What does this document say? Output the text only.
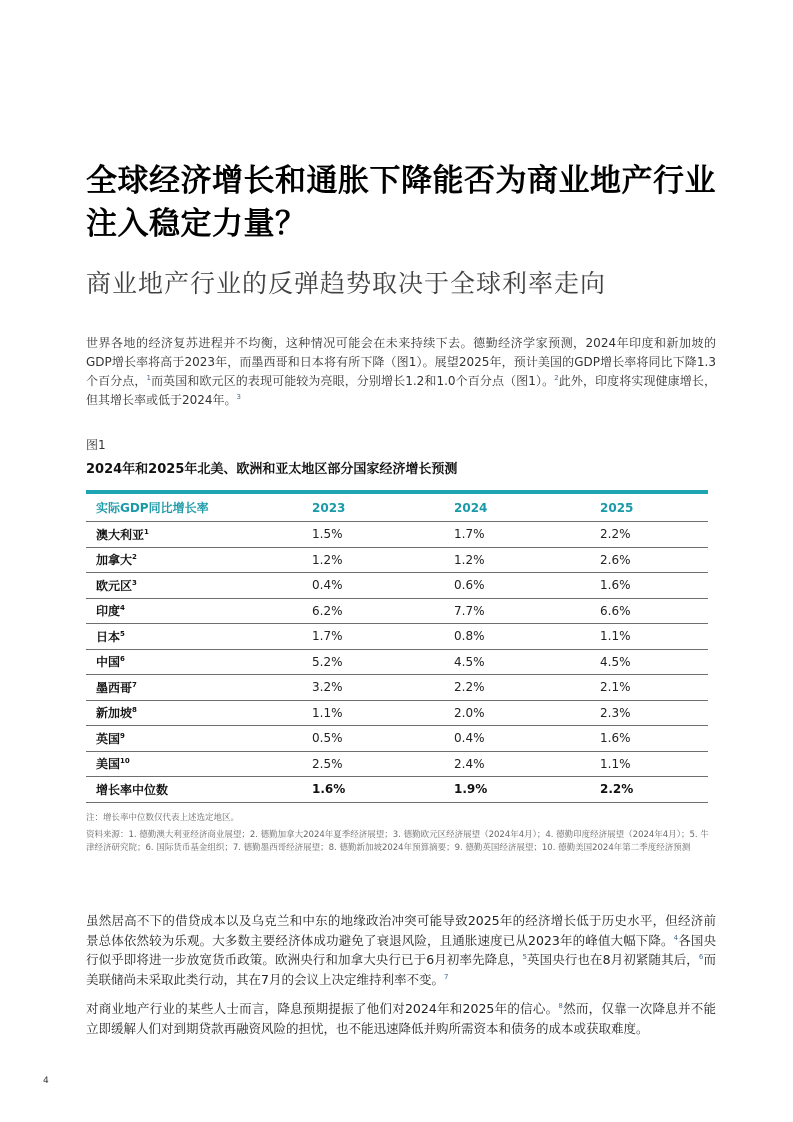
全球经济增长和通胀下降能否为商业地产行业注入稳定力量？
商业地产行业的反弹趋势取决于全球利率走向

世界各地的经济复苏进程并不均衡，这种情况可能会在未来持续下去。德勤经济学家预测，2024年印度和新加坡的GDP增长率将高于2023年，而墨西哥和日本将有所下降（图1）。展望2025年，预计美国的GDP增长率将同比下降1.3个百分点，$^1$而英国和欧元区的表现可能较为亮眼，分别增长1.2和1.0个百分点（图1）。$^2$此外，印度将实现健康增长，但其增长率或低于2024年。$^3$

图1

2024年和2025年北美、欧洲和亚太地区部分国家经济增长预测

实际GDP同比增长率	2023	2024	2025
澳大利亚$^1$	1.5%	1.7%	2.2%
加拿大$^2$	1.2%	1.2%	2.6%
欧元区$^3$	0.4%	0.6%	1.6%
印度$^4$	6.2%	7.7%	6.6%
日本$^5$	1.7%	0.8%	1.1%
中国$^6$	5.2%	4.5%	4.5%
墨西哥$^7$	3.2%	2.2%	2.1%
新加坡$^8$	1.1%	2.0%	2.3%
英国$^9$	0.5%	0.4%	1.6%
美国$^{10}$	2.5%	2.4%	1.1%
增长率中位数	1.6%	1.9%	2.2%

注：增长率中位数仅代表上述选定地区。

资料来源：1. 德勤澳大利亚经济商业展望；2. 德勤加拿大2024年夏季经济展望；3. 德勤欧元区经济展望（2024年4月）；4. 德勤印度经济展望（2024年4月）；5. 牛津经济研究院；6. 国际货币基金组织；7. 德勤墨西哥经济展望；8. 德勤新加坡2024年预算摘要；9. 德勤英国经济展望；10. 德勤美国2024年第二季度经济预测

虽然居高不下的借贷成本以及乌克兰和中东的地缘政治冲突可能导致2025年的经济增长低于历史水平，但经济前景总体依然较为乐观。大多数主要经济体成功避免了衰退风险，且通胀速度已从2023年的峰值大幅下降。$^4$各国央行似乎即将进一步放宽货币政策。欧洲央行和加拿大央行已于6月初率先降息，$^5$英国央行也在8月初紧随其后，$^6$而美联储尚未采取此类行动，其在7月的会议上决定维持利率不变。$^7$

对商业地产行业的某些人士而言，降息预期提振了他们对2024年和2025年的信心。$^8$然而，仅靠一次降息并不能立即缓解人们对到期贷款再融资风险的担忧，也不能迅速降低并购所需资本和债务的成本或获取难度。

4
